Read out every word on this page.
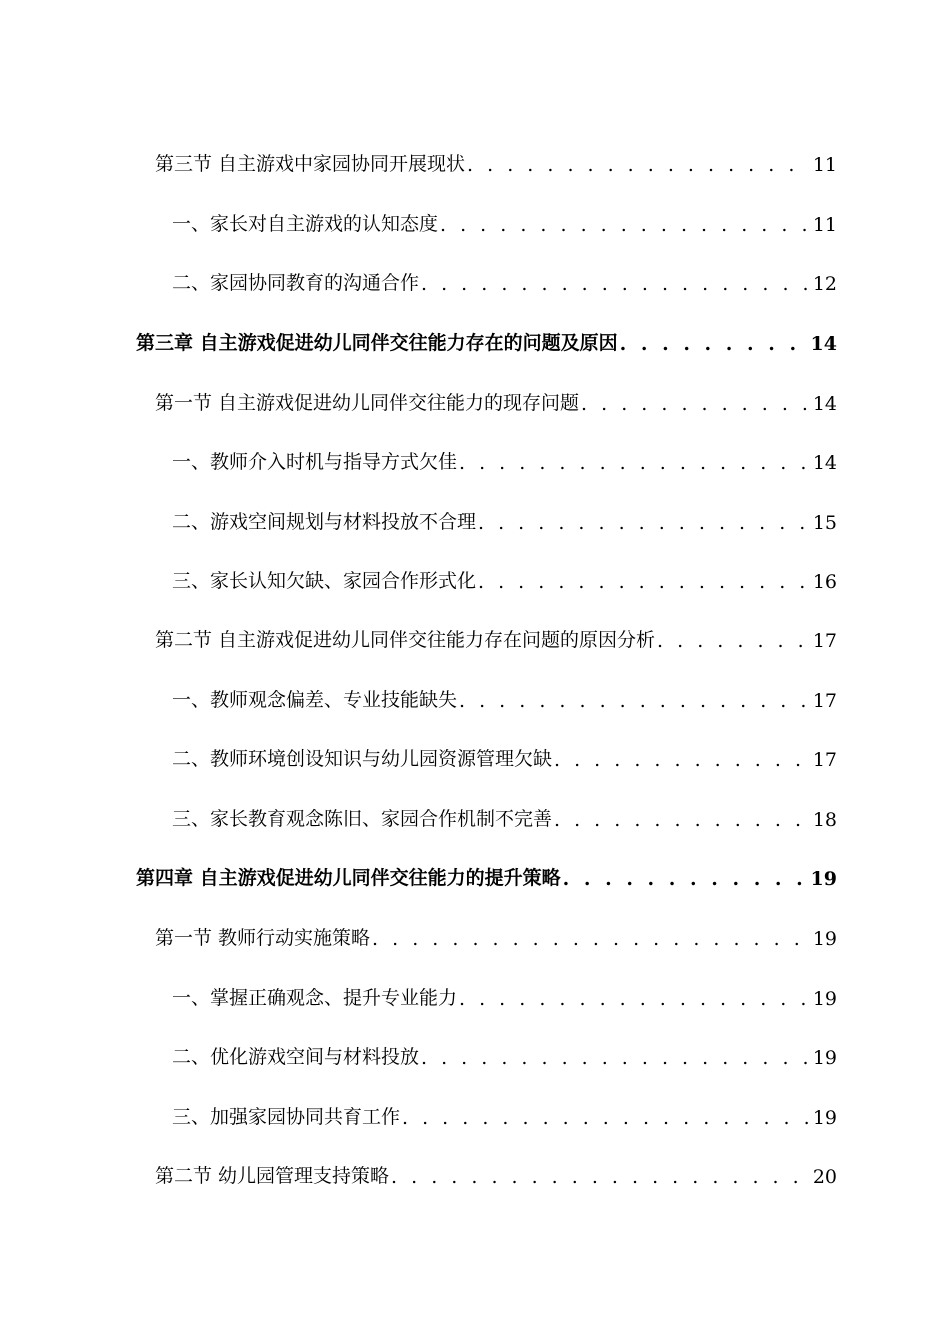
第三节 自主游戏中家园协同开展现状 . . .	11
一、家长对自主游戏的认知态度 . . .	11
二、家园协同教育的沟通合作 . . .	12
第三章 自主游戏促进幼儿同伴交往能力存在的问题及原因 . . .	14
第一节 自主游戏促进幼儿同伴交往能力的现存问题 . . .	14
一、教师介入时机与指导方式欠佳 . . .	14
二、游戏空间规划与材料投放不合理 . . .	15
三、家长认知欠缺、家园合作形式化 . . .	16
第二节 自主游戏促进幼儿同伴交往能力存在问题的原因分析 . . .	17
一、教师观念偏差、专业技能缺失 . . .	17
二、教师环境创设知识与幼儿园资源管理欠缺 . . .	17
三、家长教育观念陈旧、家园合作机制不完善 . . .	18
第四章 自主游戏促进幼儿同伴交往能力的提升策略 . . .	19
第一节 教师行动实施策略 . . .	19
一、掌握正确观念、提升专业能力 . . .	19
二、优化游戏空间与材料投放 . . .	19
三、加强家园协同共育工作 . . .	19
第二节 幼儿园管理支持策略 . . .	20
